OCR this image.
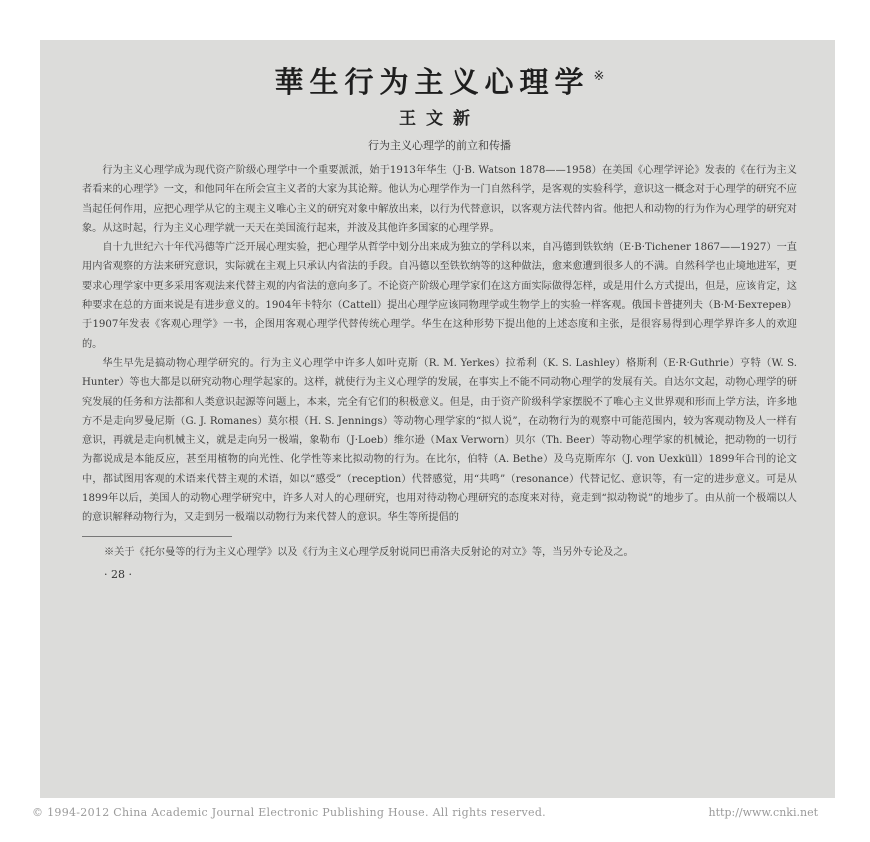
華生行为主义心理学 ※
王文新
行为主义心理学的前立和传播

行为主义心理学成为现代资产阶级心理学中一个重要派派，始于1913年华生（J·B. Watson 1878——1958）在美国《心理学评论》发表的《在行为主义者看来的心理学》一文，和他同年在所会宣主义者的大家为其论辩。他认为心理学作为一门自然科学，是客观的实验科学，意识这一概念对于心理学的研究不应当起任何作用，应把心理学从它的主观主义唯心主义的研究对象中解放出来，以行为代替意识，以客观方法代替内省。他把人和动物的行为作为心理学的研究对象。从这时起，行为主义心理学就一天天在美国流行起来，并波及其他许多国家的心理学界。

自十九世纪六十年代冯德等广泛开展心理实验，把心理学从哲学中划分出来成为独立的学科以来，自冯德到铁钦纳（E·B·Tichener 1867——1927）一直用内省观察的方法来研究意识，实际就在主观上只承认内省法的手段。自冯德以至铁钦纳等的这种做法，愈来愈遭到很多人的不满。自然科学也止境地进军，更要求心理学家中更多采用客观法来代替主观的内省法的意向多了。不论资产阶级心理学家们在这方面实际做得怎样，或是用什么方式提出，但是，应该肯定，这种要求在总的方面来说是有进步意义的。1904年卡特尔（Cattell）提出心理学应该同物理学或生物学上的实验一样客观。俄国卡普捷列夫（B·M·Бехтерев）于1907年发表《客观心理学》一书，企图用客观心理学代替传统心理学。华生在这种形势下提出他的上述态度和主张，是很容易得到心理学界许多人的欢迎的。

华生早先是搞动物心理学研究的。行为主义心理学中许多人如叶克斯（R. M. Yerkes）拉希利（K. S. Lashley）格斯利（E·R·Guthrie）亨特（W. S. Hunter）等也大都是以研究动物心理学起家的。这样，就使行为主义心理学的发展，在事实上不能不同动物心理学的发展有关。自达尔文起，动物心理学的研究发展的任务和方法都和人类意识起源等问题上，本来，完全有它们的积极意义。但是，由于资产阶级科学家摆脱不了唯心主义世界观和形而上学方法，许多地方不是走向罗曼尼斯（G. J. Romanes）莫尔根（H. S. Jennings）等动物心理学家的“拟人说”，在动物行为的观察中可能范围内，较为客观动物及人一样有意识，再就是走向机械主义，就是走向另一极端，象勒布（J·Loeb）维尔逊（Max Verworn）贝尔（Th. Beer）等动物心理学家的机械论，把动物的一切行为都说成是本能反应，甚至用植物的向光性、化学性等来比拟动物的行为。在比尔，伯特（A. Bethe）及乌克斯库尔（J. von Uexküll）1899年合刊的论文中，都试图用客观的术语来代替主观的术语，如以“感受”（reception）代替感觉，用“共鸣”（resonance）代替记忆、意识等，有一定的进步意义。可是从1899年以后，美国人的动物心理学研究中，许多人对人的心理研究，也用对待动物心理研究的态度来对待，竟走到“拟动物说”的地步了。由从前一个极端以人的意识解释动物行为，又走到另一极端以动物行为来代替人的意识。华生等所提倡的

※关于《托尔曼等的行为主义心理学》以及《行为主义心理学反射说同巴甫洛夫反射论的对立》等，当另外专论及之。
· 28 ·
© 1994-2012 China Academic Journal Electronic Publishing House. All rights reserved.	http://www.cnki.net
